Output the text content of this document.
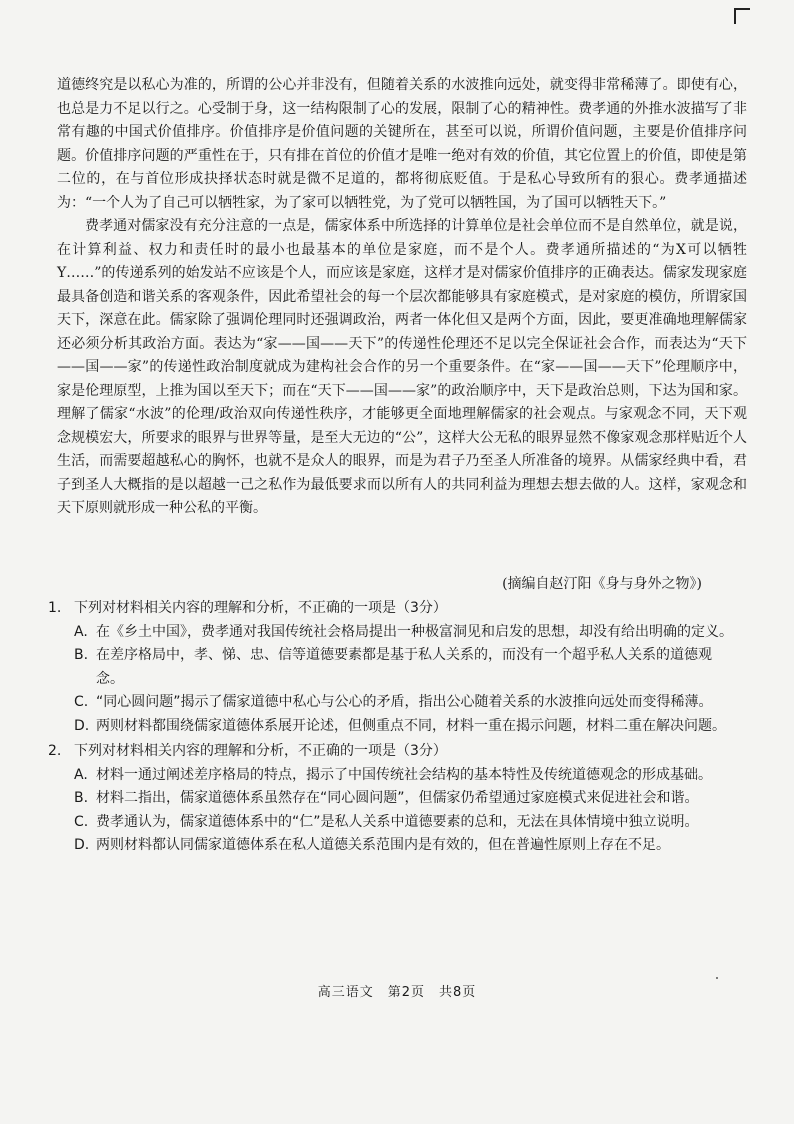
道德终究是以私心为准的，所谓的公心并非没有，但随着关系的水波推向远处，就变得非常稀薄了。即使有心，也总是力不足以行之。心受制于身，这一结构限制了心的发展，限制了心的精神性。费孝通的外推水波描写了非常有趣的中国式价值排序。价值排序是价值问题的关键所在，甚至可以说，所谓价值问题，主要是价值排序问题。价值排序问题的严重性在于，只有排在首位的价值才是唯一绝对有效的价值，其它位置上的价值，即使是第二位的，在与首位形成抉择状态时就是微不足道的，都将彻底贬值。于是私心导致所有的狠心。费孝通描述为：“一个人为了自己可以牺牲家，为了家可以牺牲党，为了党可以牺牲国，为了国可以牺牲天下。”

费孝通对儒家没有充分注意的一点是，儒家体系中所选择的计算单位是社会单位而不是自然单位，就是说，在计算利益、权力和责任时的最小也最基本的单位是家庭，而不是个人。费孝通所描述的“为X可以牺牲Y……”的传递系列的始发站不应该是个人，而应该是家庭，这样才是对儒家价值排序的正确表达。儒家发现家庭最具备创造和谐关系的客观条件，因此希望社会的每一个层次都能够具有家庭模式，是对家庭的模仿，所谓家国天下，深意在此。儒家除了强调伦理同时还强调政治，两者一体化但又是两个方面，因此，要更准确地理解儒家还必须分析其政治方面。表达为“家——国——天下”的传递性伦理还不足以完全保证社会合作，而表达为“天下——国——家”的传递性政治制度就成为建构社会合作的另一个重要条件。在“家——国——天下”伦理顺序中，家是伦理原型，上推为国以至天下；而在“天下——国——家”的政治顺序中，天下是政治总则，下达为国和家。理解了儒家“水波”的伦理/政治双向传递性秩序，才能够更全面地理解儒家的社会观点。与家观念不同，天下观念规模宏大，所要求的眼界与世界等量，是至大无边的“公”，这样大公无私的眼界显然不像家观念那样贴近个人生活，而需要超越私心的胸怀，也就不是众人的眼界，而是为君子乃至圣人所准备的境界。从儒家经典中看，君子到圣人大概指的是以超越一己之私作为最低要求而以所有人的共同利益为理想去想去做的人。这样，家观念和天下原则就形成一种公私的平衡。

(摘编自赵汀阳《身与身外之物》)

1. 下列对材料相关内容的理解和分析，不正确的一项是（3分）

A. 在《乡土中国》，费孝通对我国传统社会格局提出一种极富洞见和启发的思想，却没有给出明确的定义。

B. 在差序格局中，孝、悌、忠、信等道德要素都是基于私人关系的，而没有一个超乎私人关系的道德观念。

C. “同心圆问题”揭示了儒家道德中私心与公心的矛盾，指出公心随着关系的水波推向远处而变得稀薄。

D. 两则材料都围绕儒家道德体系展开论述，但侧重点不同，材料一重在揭示问题，材料二重在解决问题。

2. 下列对材料相关内容的理解和分析，不正确的一项是（3分）

A. 材料一通过阐述差序格局的特点，揭示了中国传统社会结构的基本特性及传统道德观念的形成基础。

B. 材料二指出，儒家道德体系虽然存在“同心圆问题”，但儒家仍希望通过家庭模式来促进社会和谐。

C. 费孝通认为，儒家道德体系中的“仁”是私人关系中道德要素的总和，无法在具体情境中独立说明。

D. 两则材料都认同儒家道德体系在私人道德关系范围内是有效的，但在普遍性原则上存在不足。

高三语文　第2页　共8页
